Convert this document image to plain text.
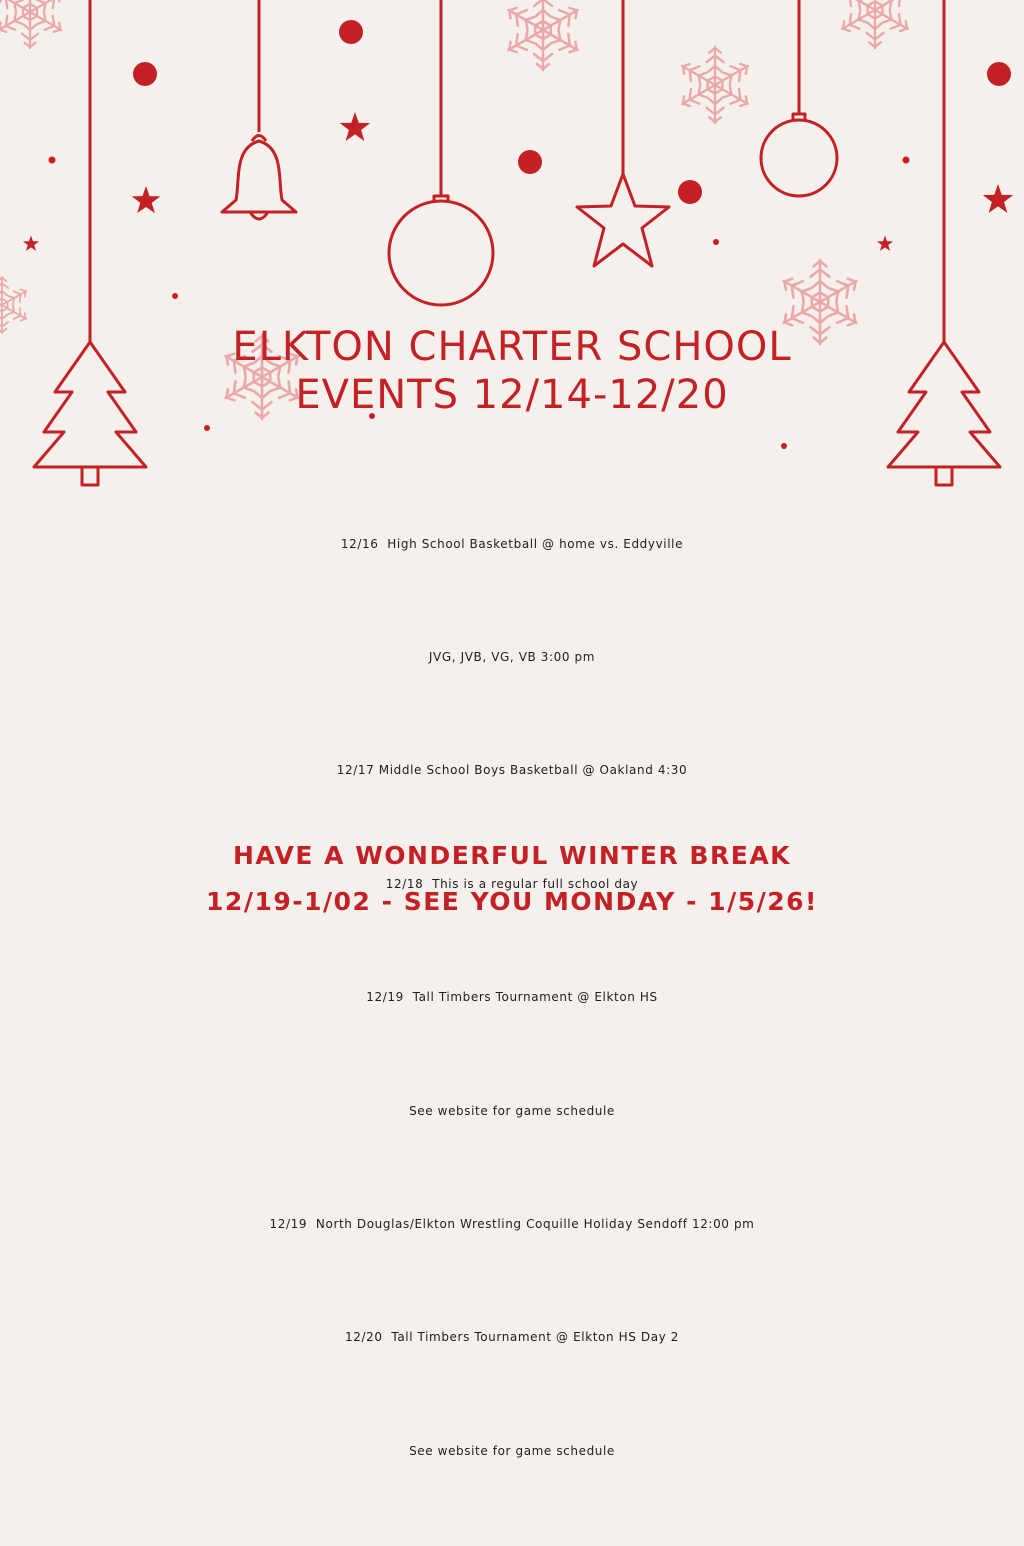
ELKTON CHARTER SCHOOL
EVENTS 12/14-12/20

12/16  High School Basketball @ home vs. Eddyville

JVG, JVB, VG, VB 3:00 pm

12/17 Middle School Boys Basketball @ Oakland 4:30

12/18  This is a regular full school day

12/19  Tall Timbers Tournament @ Elkton HS

See website for game schedule

12/19  North Douglas/Elkton Wrestling Coquille Holiday Sendoff 12:00 pm

12/20  Tall Timbers Tournament @ Elkton HS Day 2

See website for game schedule

HAVE A WONDERFUL WINTER BREAK
12/19-1/02 - SEE YOU MONDAY - 1/5/26!
